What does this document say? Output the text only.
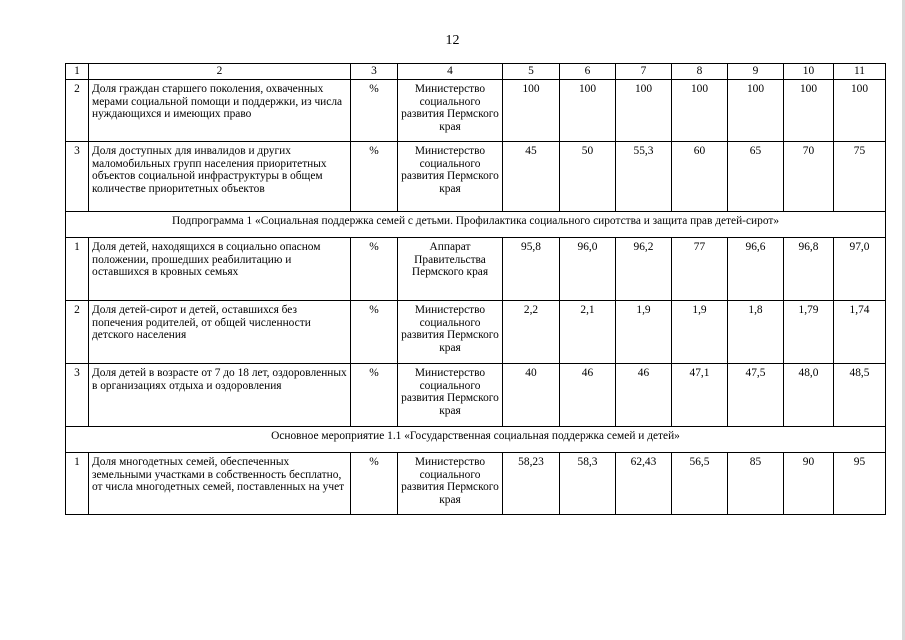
12
1	2	3	4	5	6	7	8	9	10	11
2	Доля граждан старшего поколения, охваченных мерами социальной помощи и поддержки, из числа нуждающихся и имеющих право	%	Министерство социального развития Пермского края	100	100	100	100	100	100	100
3	Доля доступных для инвалидов и других маломобильных групп населения приоритетных объектов социальной инфраструктуры в общем количестве приоритетных объектов	%	Министерство социального развития Пермского края	45	50	55,3	60	65	70	75
Подпрограмма 1 «Социальная поддержка семей с детьми. Профилактика социального сиротства и защита прав детей-сирот»										
1	Доля детей, находящихся в социально опасном положении, прошедших реабилитацию и оставшихся в кровных семьях	%	Аппарат Правительства Пермского края	95,8	96,0	96,2	77	96,6	96,8	97,0
2	Доля детей-сирот и детей, оставшихся без попечения родителей, от общей численности детского населения	%	Министерство социального развития Пермского края	2,2	2,1	1,9	1,9	1,8	1,79	1,74
3	Доля детей в возрасте от 7 до 18 лет, оздоровленных в организациях отдыха и оздоровления	%	Министерство социального развития Пермского края	40	46	46	47,1	47,5	48,0	48,5
Основное мероприятие 1.1 «Государственная социальная поддержка семей и детей»										
1	Доля многодетных семей, обеспеченных земельными участками в собственность бесплатно, от числа многодетных семей, поставленных на учет	%	Министерство социального развития Пермского края	58,23	58,3	62,43	56,5	85	90	95
